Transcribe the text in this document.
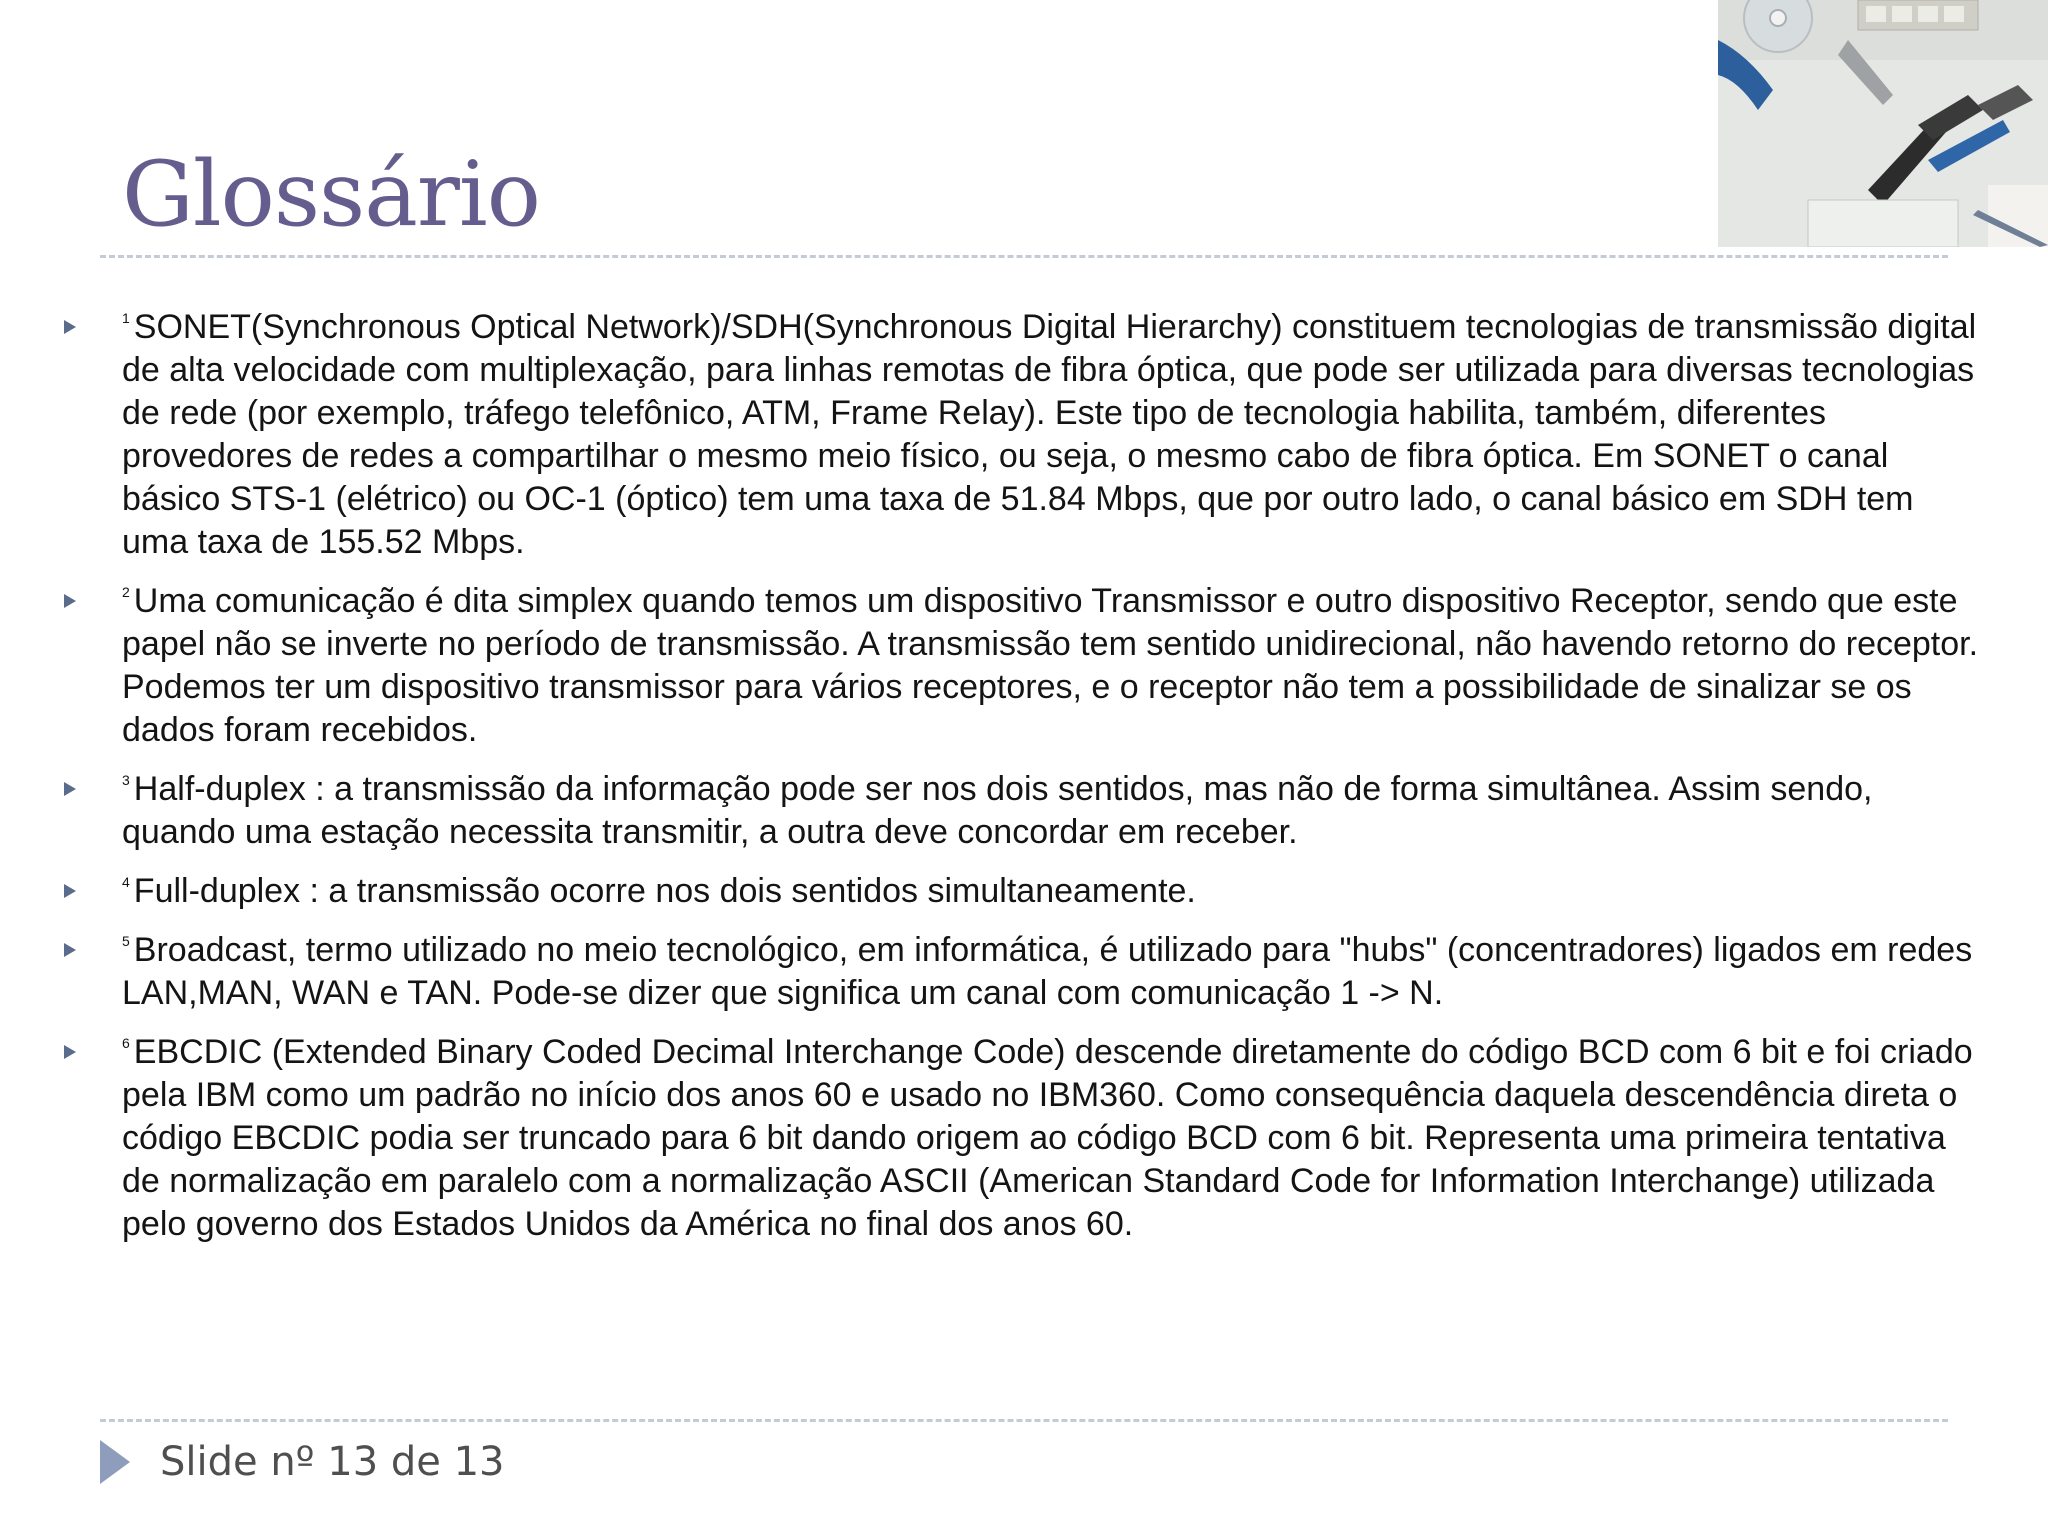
Glossário
$^1$ SONET(Synchronous Optical Network)/SDH(Synchronous Digital Hierarchy) constituem tecnologias de transmissão digital de alta velocidade com multiplexação, para linhas remotas de fibra óptica, que pode ser utilizada para diversas tecnologias de rede (por exemplo, tráfego telefônico, ATM, Frame Relay). Este tipo de tecnologia habilita, também, diferentes provedores de redes a compartilhar o mesmo meio físico, ou seja, o mesmo cabo de fibra óptica. Em SONET o canal básico STS-1 (elétrico) ou OC-1 (óptico) tem uma taxa de 51.84 Mbps, que por outro lado, o canal básico em SDH tem uma taxa de 155.52 Mbps.
$^2$ Uma comunicação é dita simplex quando temos um dispositivo Transmissor e outro dispositivo Receptor, sendo que este papel não se inverte no período de transmissão. A transmissão tem sentido unidirecional, não havendo retorno do receptor. Podemos ter um dispositivo transmissor para vários receptores, e o receptor não tem a possibilidade de sinalizar se os dados foram recebidos.
$^3$ Half-duplex : a transmissão da informação pode ser nos dois sentidos, mas não de forma simultânea. Assim sendo, quando uma estação necessita transmitir, a outra deve concordar em receber.
$^4$ Full-duplex : a transmissão ocorre nos dois sentidos simultaneamente.
$^5$ Broadcast, termo utilizado no meio tecnológico, em informática, é utilizado para "hubs" (concentradores) ligados em redes LAN,MAN, WAN e TAN. Pode-se dizer que significa um canal com comunicação 1 -> N.
$^6$ EBCDIC (Extended Binary Coded Decimal Interchange Code) descende diretamente do código BCD com 6 bit e foi criado pela IBM como um padrão no início dos anos 60 e usado no IBM360. Como consequência daquela descendência direta o código EBCDIC podia ser truncado para 6 bit dando origem ao código BCD com 6 bit. Representa uma primeira tentativa de normalização em paralelo com a normalização ASCII (American Standard Code for Information Interchange) utilizada pelo governo dos Estados Unidos da América no final dos anos 60.
Slide nº 13 de 13
